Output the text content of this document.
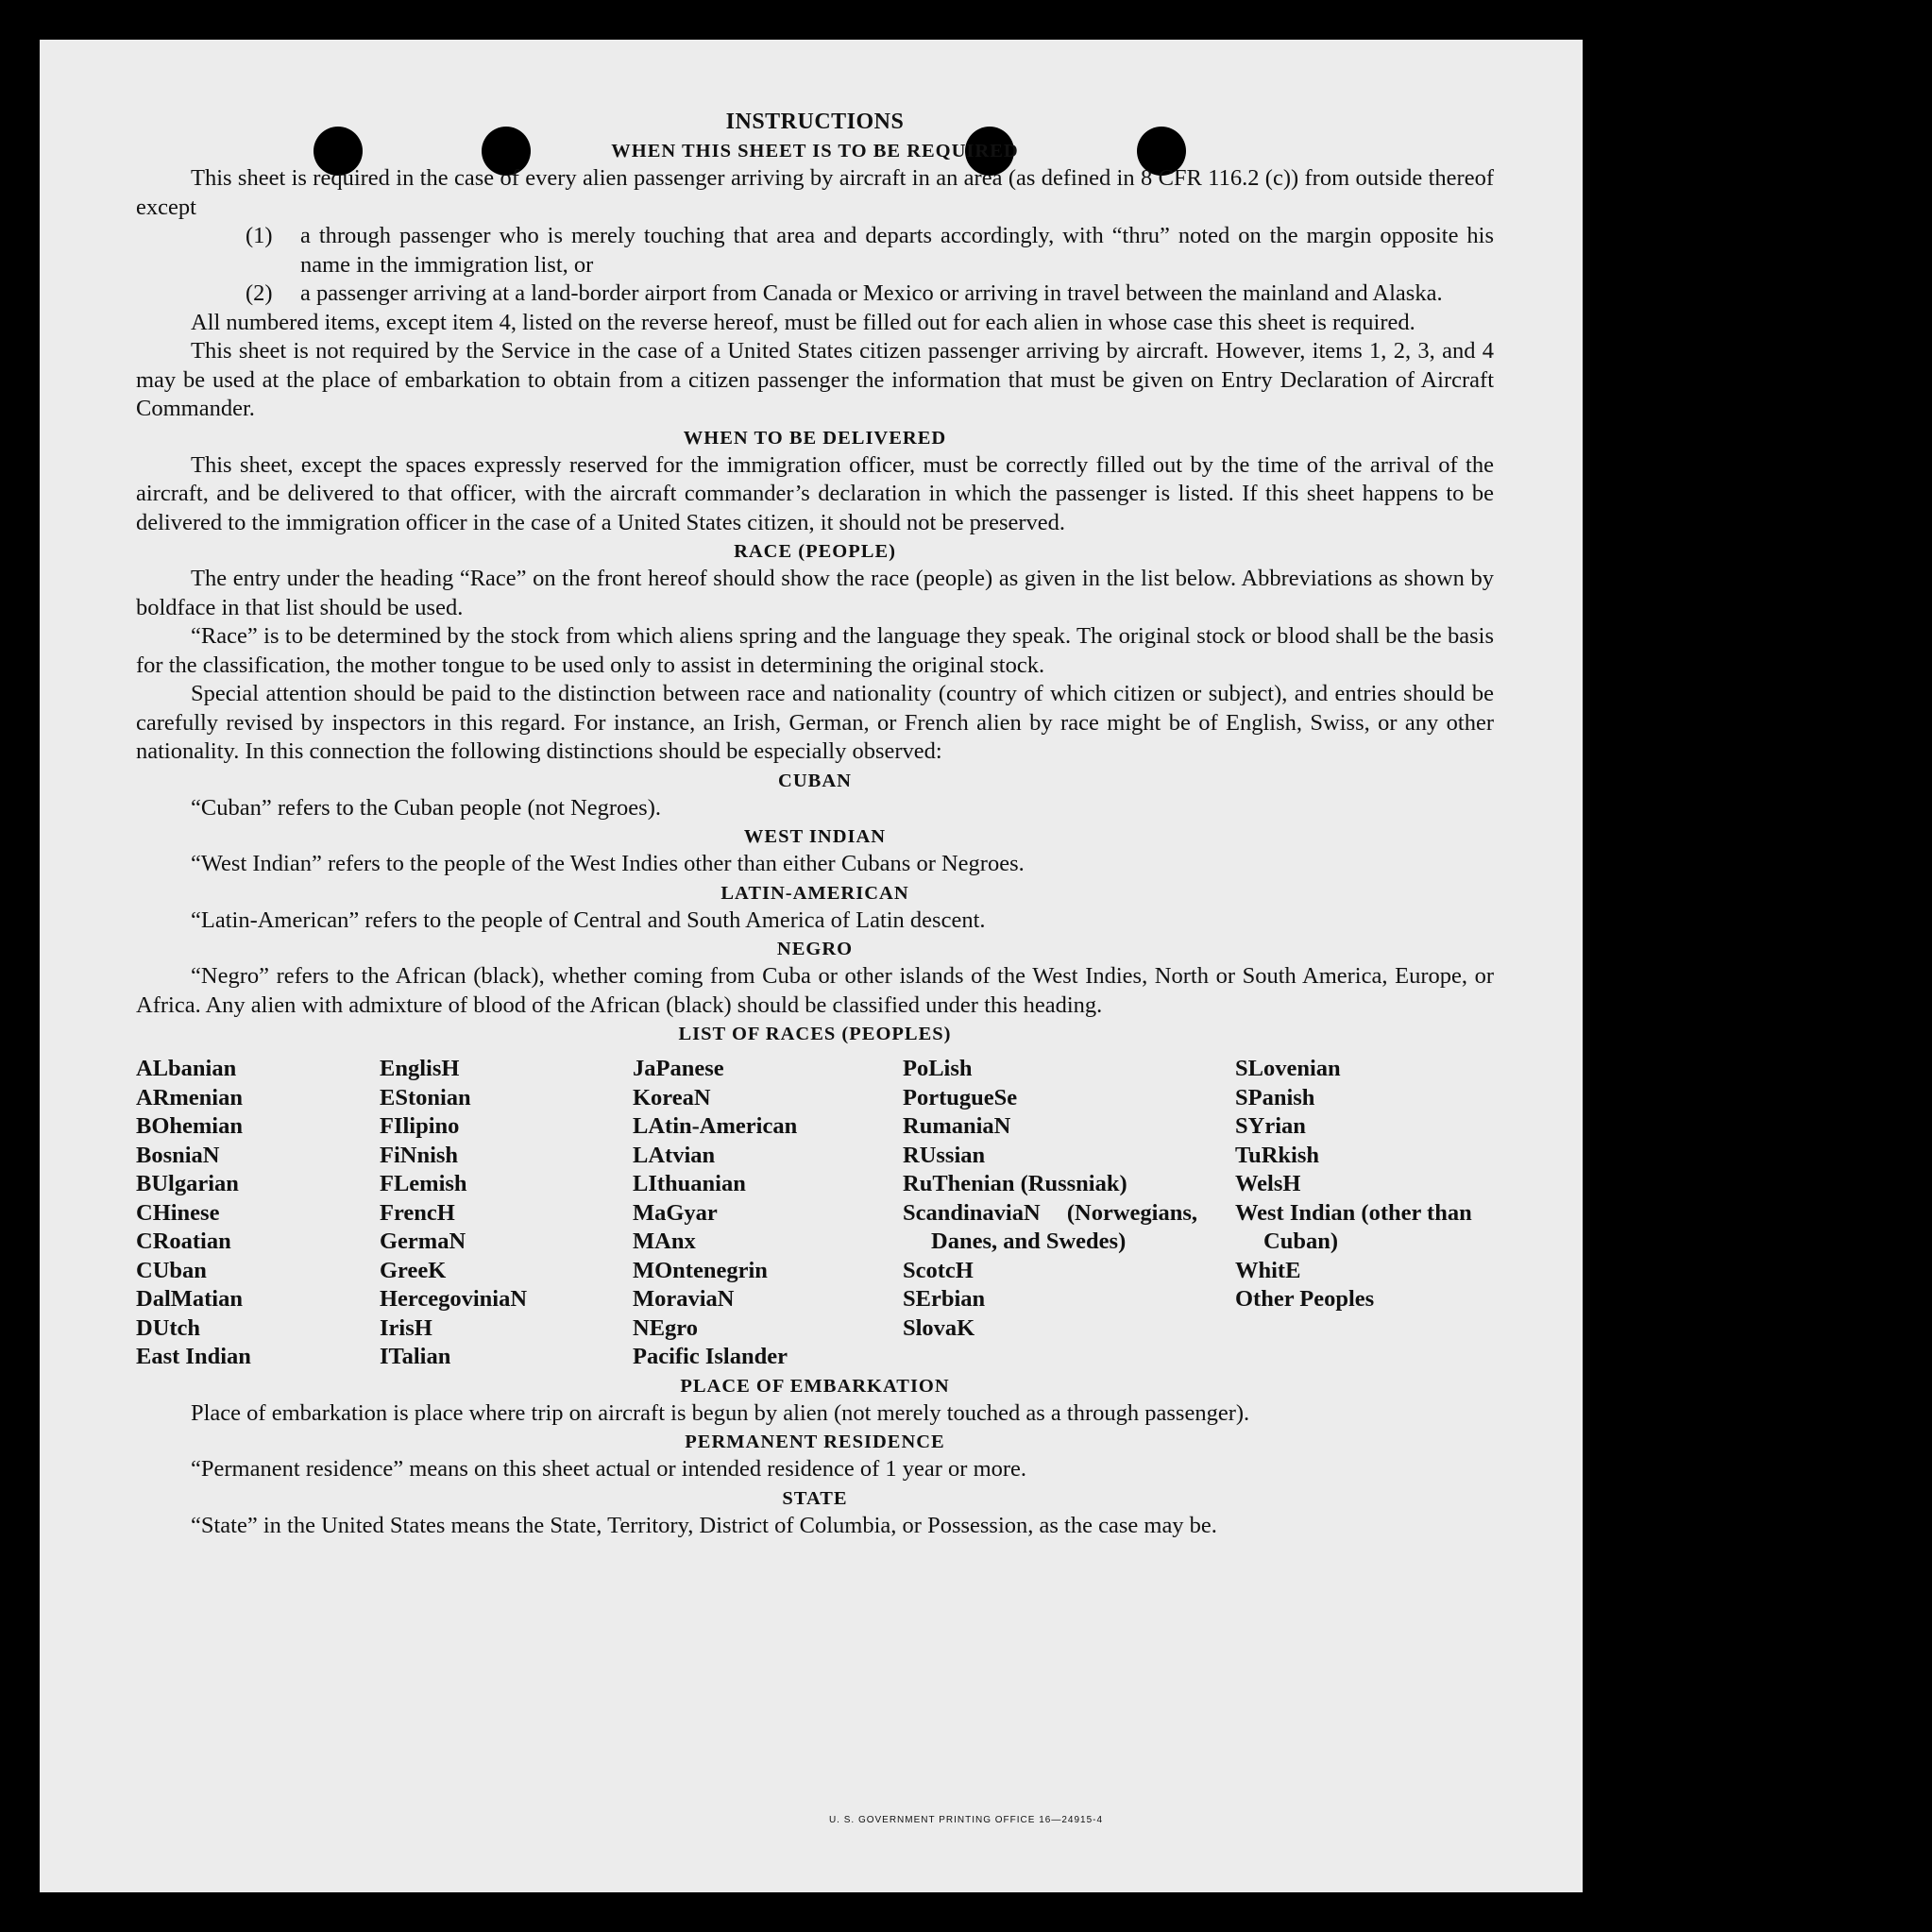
INSTRUCTIONS
WHEN THIS SHEET IS TO BE REQUIRED

This sheet is required in the case of every alien passenger arriving by aircraft in an area (as defined in 8 CFR 116.2 (c)) from outside thereof except

(1) a through passenger who is merely touching that area and departs accordingly, with “thru” noted on the margin opposite his name in the immigration list, or

(2) a passenger arriving at a land-border airport from Canada or Mexico or arriving in travel between the mainland and Alaska.

All numbered items, except item 4, listed on the reverse hereof, must be filled out for each alien in whose case this sheet is required.

This sheet is not required by the Service in the case of a United States citizen passenger arriving by aircraft. However, items 1, 2, 3, and 4 may be used at the place of embarkation to obtain from a citizen passenger the information that must be given on Entry Declaration of Aircraft Commander.

WHEN TO BE DELIVERED

This sheet, except the spaces expressly reserved for the immigration officer, must be correctly filled out by the time of the arrival of the aircraft, and be delivered to that officer, with the aircraft commander’s declaration in which the passenger is listed. If this sheet happens to be delivered to the immigration officer in the case of a United States citizen, it should not be preserved.

RACE (PEOPLE)

The entry under the heading “Race” on the front hereof should show the race (people) as given in the list below. Abbreviations as shown by boldface in that list should be used.

“Race” is to be determined by the stock from which aliens spring and the language they speak. The original stock or blood shall be the basis for the classification, the mother tongue to be used only to assist in determining the original stock.

Special attention should be paid to the distinction between race and nationality (country of which citizen or subject), and entries should be carefully revised by inspectors in this regard. For instance, an Irish, German, or French alien by race might be of English, Swiss, or any other nationality. In this connection the following distinctions should be especially observed:

CUBAN

“Cuban” refers to the Cuban people (not Negroes).

WEST INDIAN

“West Indian” refers to the people of the West Indies other than either Cubans or Negroes.

LATIN-AMERICAN

“Latin-American” refers to the people of Central and South America of Latin descent.

NEGRO

“Negro” refers to the African (black), whether coming from Cuba or other islands of the West Indies, North or South America, Europe, or Africa. Any alien with admixture of blood of the African (black) should be classified under this heading.

LIST OF RACES (PEOPLES)
ALbanian
ARmenian
BOhemian
BosniaN
BUlgarian
CHinese
CRoatian
CUban
DalMatian
DUtch
East Indian
EnglisH
EStonian
FIlipino
FiNnish
FLemish
FrencH
GermaN
GreeK
HercegoviniaN
IrisH
ITalian
JaPanese
KoreaN
LAtin-American
LAtvian
LIthuanian
MaGyar
MAnx
MOntenegrin
MoraviaN
NEgro
Pacific Islander
PoLish
PortugueSe
RumaniaN
RUssian
RuThenian (Russniak)
ScandinaviaN (Norwegians, Danes, and Swedes)
ScotcH
SErbian
SlovaK
SLovenian
SPanish
SYrian
TuRkish
WelsH
West Indian (other than Cuban)
WhitE
Other Peoples
PLACE OF EMBARKATION

Place of embarkation is place where trip on aircraft is begun by alien (not merely touched as a through passenger).

PERMANENT RESIDENCE

“Permanent residence” means on this sheet actual or intended residence of 1 year or more.

STATE

“State” in the United States means the State, Territory, District of Columbia, or Possession, as the case may be.

U. S. GOVERNMENT PRINTING OFFICE 16—24915-4
